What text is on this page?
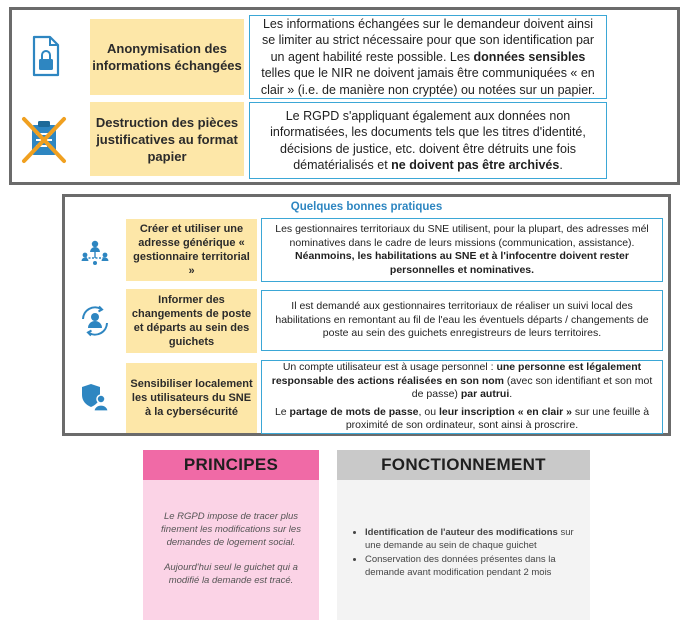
Anonymisation des informations échangées
Les informations échangées sur le demandeur doivent ainsi se limiter au strict nécessaire pour que son identification par un agent habilité reste possible. Les données sensibles telles que le NIR ne doivent jamais être communiquées « en clair » (i.e. de manière non cryptée) ou notées sur un papier.
Destruction des pièces justificatives au format papier
Le RGPD s'appliquant également aux données non informatisées, les documents tels que les titres d'identité, décisions de justice, etc. doivent être détruits une fois dématérialisés et ne doivent pas être archivés.
Quelques bonnes pratiques
Créer et utiliser une adresse générique « gestionnaire territorial »

Les gestionnaires territoriaux du SNE utilisent, pour la plupart, des adresses mél nominatives dans le cadre de leurs missions (communication, assistance). Néanmoins, les habilitations au SNE et à l'infocentre doivent rester personnelles et nominatives.

Informer des changements de poste et départs au sein des guichets

Il est demandé aux gestionnaires territoriaux de réaliser un suivi local des habilitations en remontant au fil de l'eau les éventuels départs / changements de poste au sein des guichets enregistreurs de leurs territoires.

Sensibiliser localement les utilisateurs du SNE à la cybersécurité

Un compte utilisateur est à usage personnel : une personne est légalement responsable des actions réalisées en son nom (avec son identifiant et son mot de passe) par autrui.

Le partage de mots de passe, ou leur inscription « en clair » sur une feuille à proximité de son ordinateur, sont ainsi à proscrire.

PRINCIPES

Le RGPD impose de tracer plus finement les modifications sur les demandes de logement social.

Aujourd'hui seul le guichet qui a modifié la demande est tracé.

FONCTIONNEMENT
• Identification de l'auteur des modifications sur une demande au sein de chaque guichet
• Conservation des données présentes dans la demande avant modification pendant 2 mois
